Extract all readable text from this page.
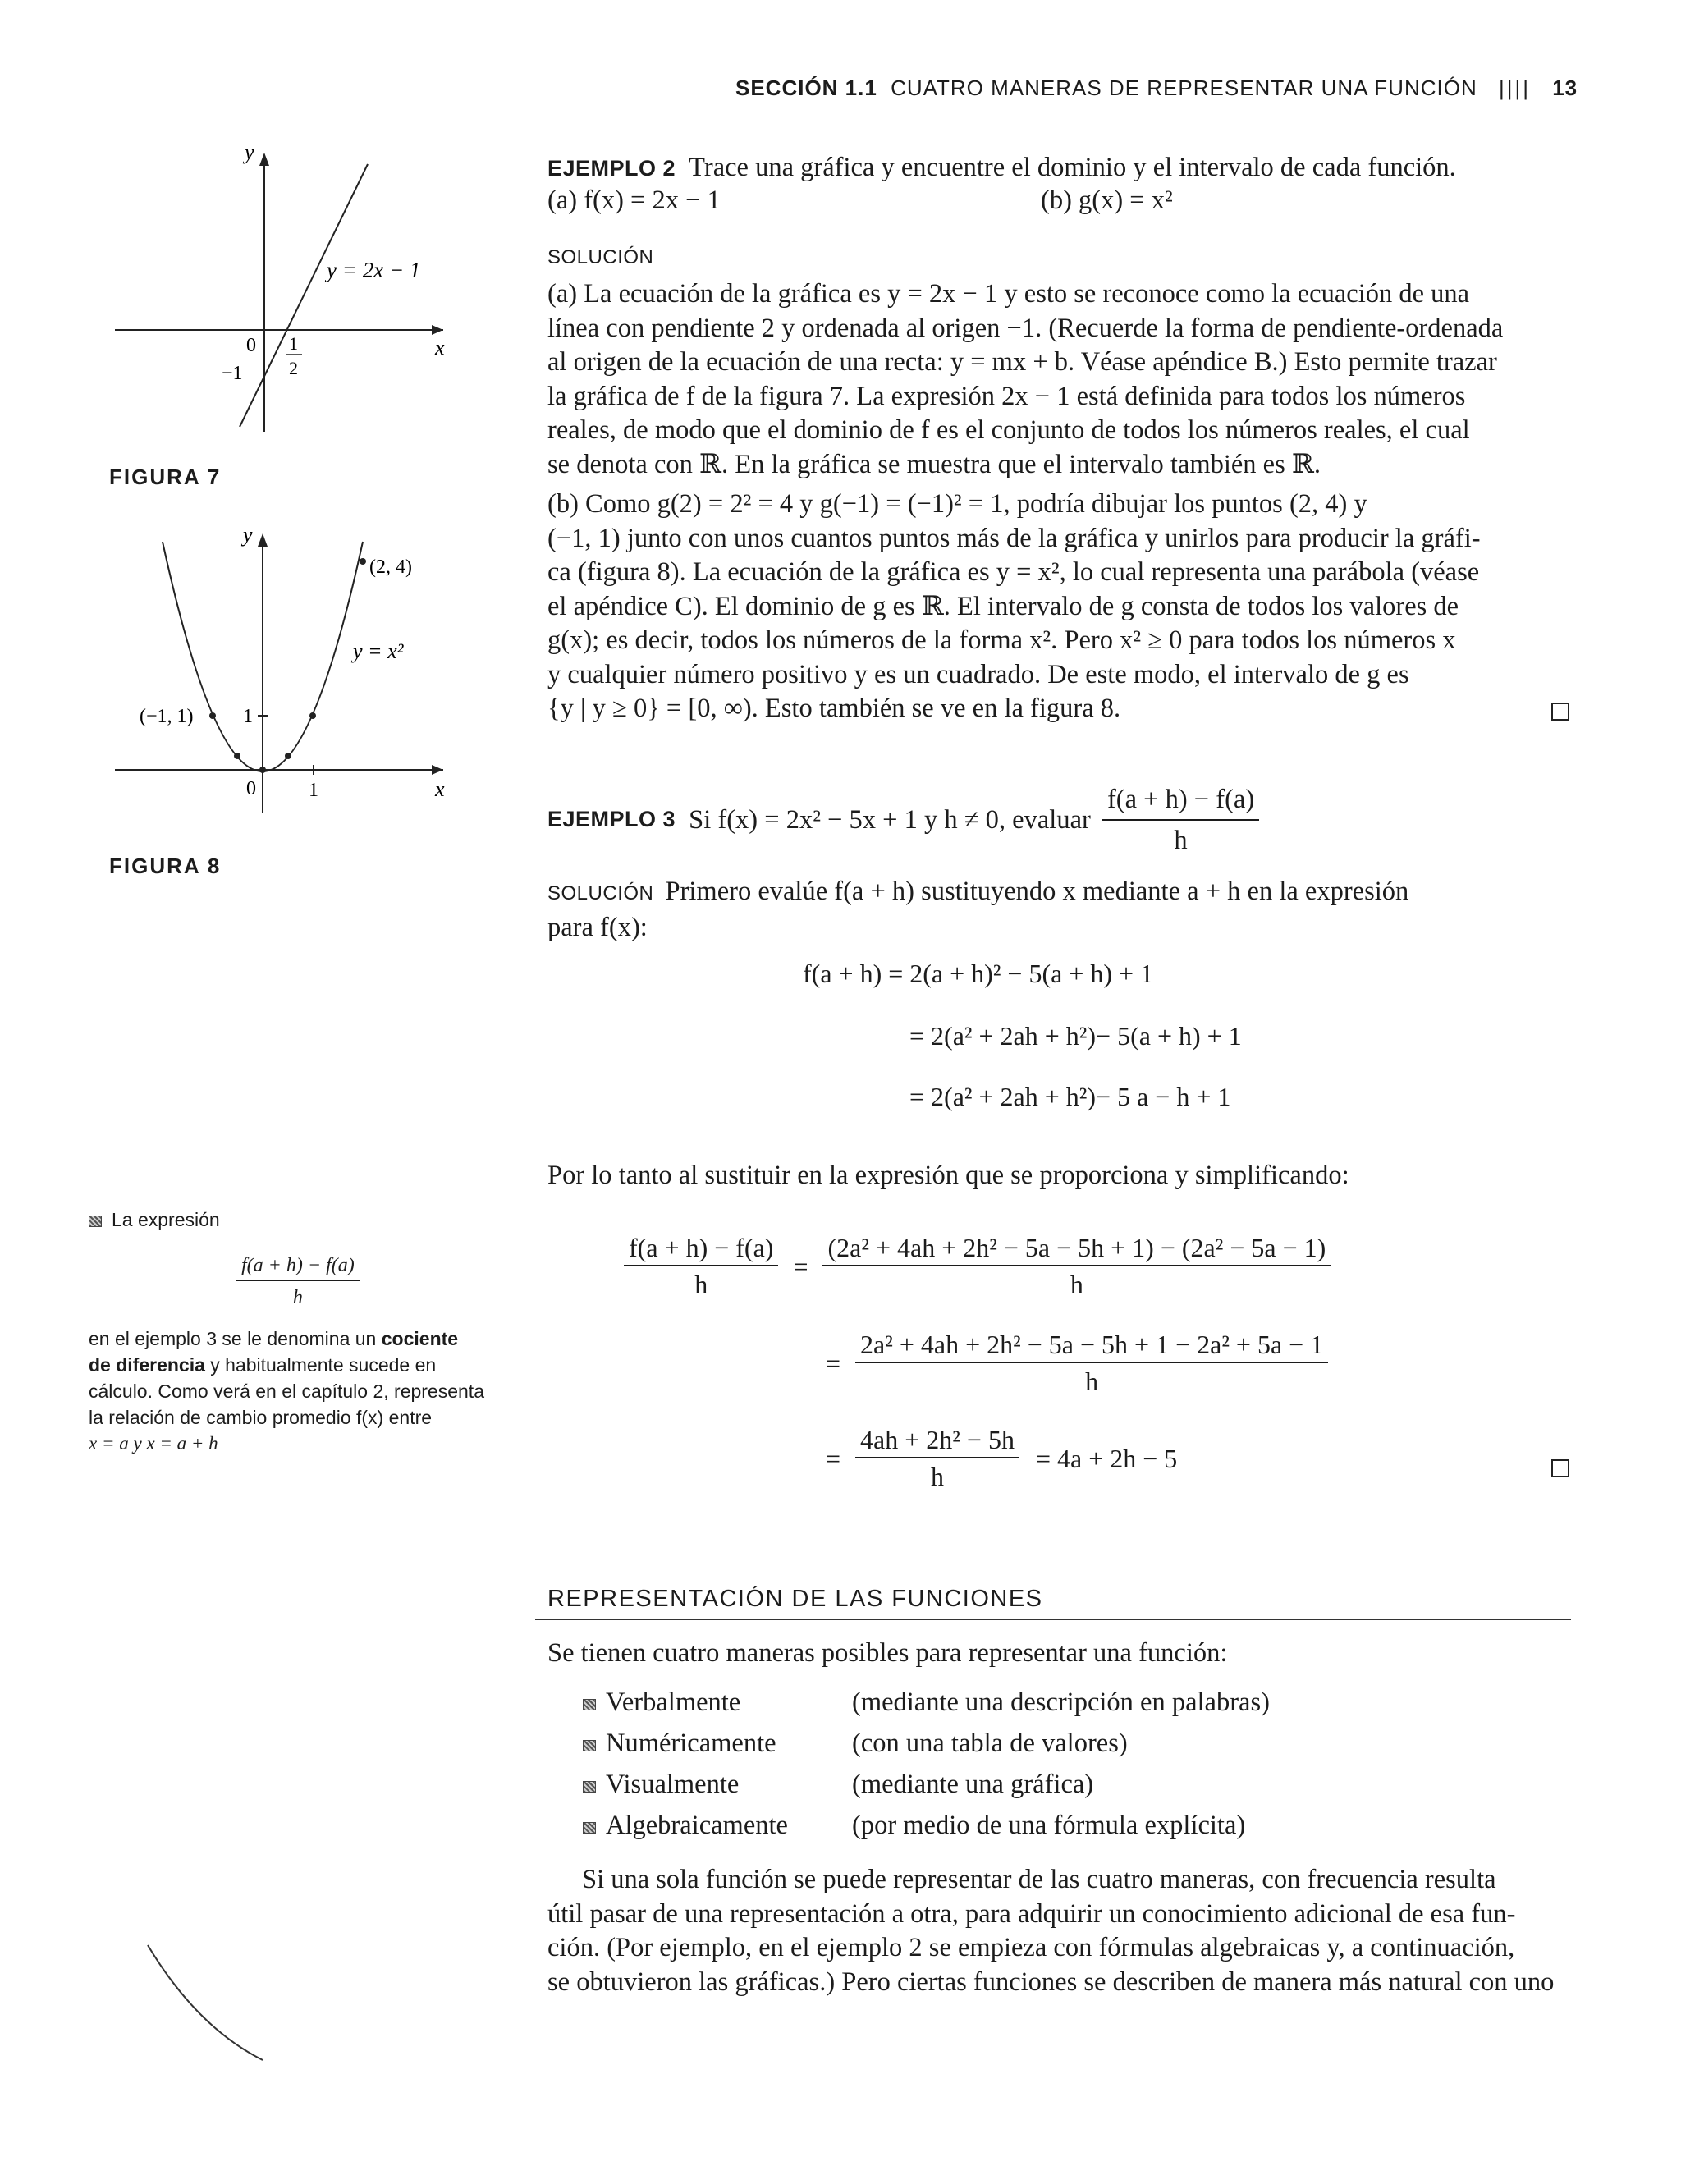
SECCIÓN 1.1 CUATRO MANERAS DE REPRESENTAR UNA FUNCIÓN |||| 13
y
x
y = 2x − 1
0
−1
1
2
FIGURA 7
y
x
(2, 4)
y = x²
(−1, 1)	1
0	1
FIGURA 8
EJEMPLO 2 Trace una gráfica y encuentre el dominio y el intervalo de cada función.
(a) f(x) = 2x − 1	(b) g(x) = x²
SOLUCIÓN
(a) La ecuación de la gráfica es y = 2x − 1 y esto se reconoce como la ecuación de una
línea con pendiente 2 y ordenada al origen −1. (Recuerde la forma de pendiente-ordenada
al origen de la ecuación de una recta: y = mx + b. Véase apéndice B.) Esto permite trazar
la gráfica de f de la figura 7. La expresión 2x − 1 está definida para todos los números
reales, de modo que el dominio de f es el conjunto de todos los números reales, el cual
se denota con ℝ. En la gráfica se muestra que el intervalo también es ℝ.
(b) Como g(2) = 2² = 4 y g(−1) = (−1)² = 1, podría dibujar los puntos (2, 4) y
(−1, 1) junto con unos cuantos puntos más de la gráfica y unirlos para producir la gráfi-
ca (figura 8). La ecuación de la gráfica es y = x², lo cual representa una parábola (véase
el apéndice C). El dominio de g es ℝ. El intervalo de g consta de todos los valores de
g(x); es decir, todos los números de la forma x². Pero x² ≥ 0 para todos los números x
y cualquier número positivo y es un cuadrado. De este modo, el intervalo de g es
{y | y ≥ 0} = [0, ∞). Esto también se ve en la figura 8.
EJEMPLO 3 Si f(x) = 2x² − 5x + 1 y h ≠ 0, evaluar $\frac{f(a + h) - f(a)}{h}$
SOLUCIÓN Primero evalúe f(a + h) sustituyendo x mediante a + h en la expresión
para f(x):
f(a + h) = 2(a + h)² − 5(a + h) + 1
= 2(a² + 2ah + h²)− 5(a + h) + 1
= 2(a² + 2ah + h²)− 5 a − h + 1
Por lo tanto al sustituir en la expresión que se proporciona y simplificando:
$\frac{f(a + h) - f(a)}{h} = \frac{\text{(2a² + 4ah + 2h² − 5a − 5h + 1) − (2a² − 5a − 1)}}{h}$
= $\frac{\text{2a² + 4ah + 2h² − 5a − 5h + 1 − 2a² + 5a − 1}}{h}$
= $\frac{\text{4ah + 2h² − 5h}}{h} = 4a + 2h - 5$
La expresión
$\frac{f(a + h) - f(a)}{h}$
en el ejemplo 3 se le denomina un cociente
de diferencia y habitualmente sucede en
cálculo. Como verá en el capítulo 2, representa
la relación de cambio promedio f(x) entre
x = a y x = a + h
REPRESENTACIÓN DE LAS FUNCIONES
Se tienen cuatro maneras posibles para representar una función:
Verbalmente	(mediante una descripción en palabras)
Numéricamente	(con una tabla de valores)
Visualmente	(mediante una gráfica)
Algebraicamente (por medio de una fórmula explícita)
Si una sola función se puede representar de las cuatro maneras, con frecuencia resulta
útil pasar de una representación a otra, para adquirir un conocimiento adicional de esa fun-
ción. (Por ejemplo, en el ejemplo 2 se empieza con fórmulas algebraicas y, a continuación,
se obtuvieron las gráficas.) Pero ciertas funciones se describen de manera más natural con uno
